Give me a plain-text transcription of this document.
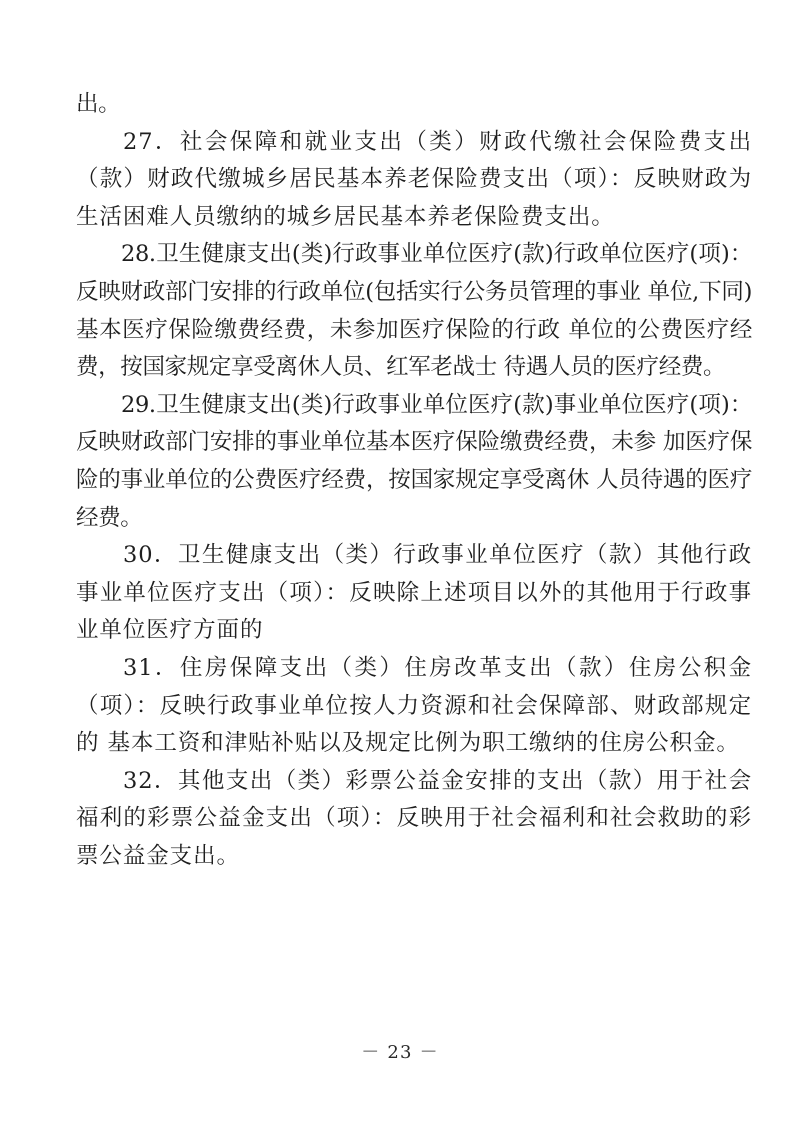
出。

27．社会保障和就业支出（类）财政代缴社会保险费支出（款）财政代缴城乡居民基本养老保险费支出（项）：反映财政为生活困难人员缴纳的城乡居民基本养老保险费支出。

28.卫生健康支出(类)行政事业单位医疗(款)行政单位医疗(项)：反映财政部门安排的行政单位(包括实行公务员管理的事业 单位,下同)基本医疗保险缴费经费，未参加医疗保险的行政 单位的公费医疗经费，按国家规定享受离休人员、红军老战士 待遇人员的医疗经费。

29.卫生健康支出(类)行政事业单位医疗(款)事业单位医疗(项)：反映财政部门安排的事业单位基本医疗保险缴费经费，未参 加医疗保险的事业单位的公费医疗经费，按国家规定享受离休 人员待遇的医疗经费。

30．卫生健康支出（类）行政事业单位医疗（款）其他行政事业单位医疗支出（项）：反映除上述项目以外的其他用于行政事业单位医疗方面的

31．住房保障支出（类）住房改革支出（款）住房公积金（项）：反映行政事业单位按人力资源和社会保障部、财政部规定的 基本工资和津贴补贴以及规定比例为职工缴纳的住房公积金。

32．其他支出（类）彩票公益金安排的支出（款）用于社会福利的彩票公益金支出（项）：反映用于社会福利和社会救助的彩票公益金支出。

－ 23 －
